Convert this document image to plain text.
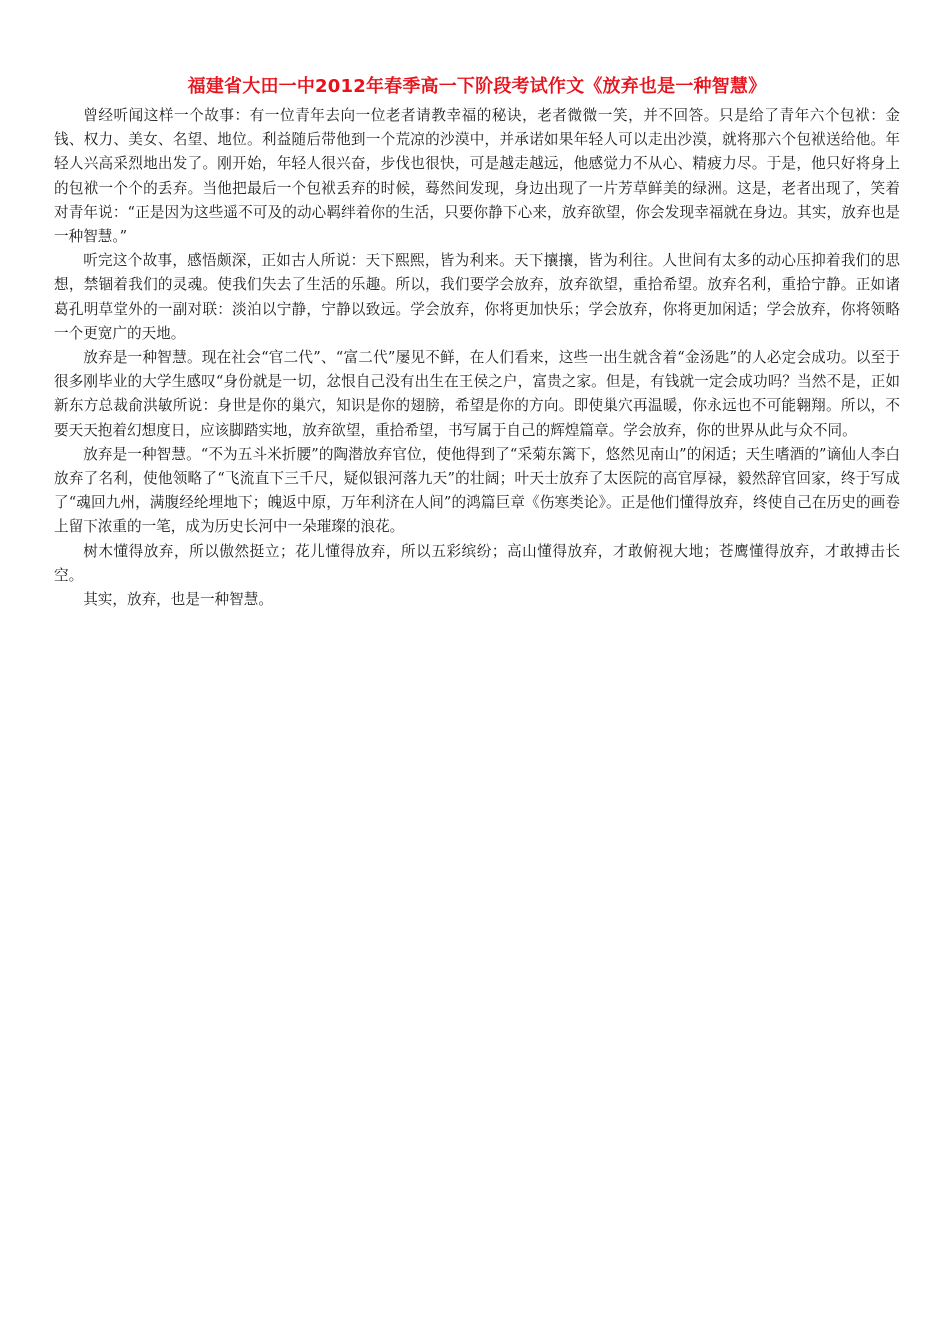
福建省大田一中2012年春季高一下阶段考试作文《放弃也是一种智慧》

曾经听闻这样一个故事：有一位青年去向一位老者请教幸福的秘诀，老者微微一笑，并不回答。只是给了青年六个包袱：金钱、权力、美女、名望、地位。利益随后带他到一个荒凉的沙漠中，并承诺如果年轻人可以走出沙漠，就将那六个包袱送给他。年轻人兴高采烈地出发了。刚开始，年轻人很兴奋，步伐也很快，可是越走越远，他感觉力不从心、精疲力尽。于是，他只好将身上的包袱一个个的丢弃。当他把最后一个包袱丢弃的时候，蓦然间发现，身边出现了一片芳草鲜美的绿洲。这是，老者出现了，笑着对青年说：“正是因为这些遥不可及的动心羁绊着你的生活，只要你静下心来，放弃欲望，你会发现幸福就在身边。其实，放弃也是一种智慧。”

听完这个故事，感悟颇深，正如古人所说：天下熙熙，皆为利来。天下攘攘，皆为利往。人世间有太多的动心压抑着我们的思想，禁锢着我们的灵魂。使我们失去了生活的乐趣。所以，我们要学会放弃，放弃欲望，重拾希望。放弃名利，重拾宁静。正如诸葛孔明草堂外的一副对联：淡泊以宁静，宁静以致远。学会放弃，你将更加快乐；学会放弃，你将更加闲适；学会放弃，你将领略一个更宽广的天地。

放弃是一种智慧。现在社会“官二代”、“富二代”屡见不鲜，在人们看来，这些一出生就含着“金汤匙”的人必定会成功。以至于很多刚毕业的大学生感叹“身份就是一切，忿恨自己没有出生在王侯之户，富贵之家。但是，有钱就一定会成功吗？当然不是，正如新东方总裁俞洪敏所说：身世是你的巢穴，知识是你的翅膀，希望是你的方向。即使巢穴再温暖，你永远也不可能翱翔。所以，不要天天抱着幻想度日，应该脚踏实地，放弃欲望，重拾希望，书写属于自己的辉煌篇章。学会放弃，你的世界从此与众不同。

放弃是一种智慧。“不为五斗米折腰”的陶潜放弃官位，使他得到了“采菊东篱下，悠然见南山”的闲适；天生嗜酒的”谪仙人李白放弃了名利，使他领略了“飞流直下三千尺，疑似银河落九天”的壮阔；叶天士放弃了太医院的高官厚禄，毅然辞官回家，终于写成了“魂回九州，满腹经纶埋地下；魄返中原，万年利济在人间”的鸿篇巨章《伤寒类论》。正是他们懂得放弃，终使自己在历史的画卷上留下浓重的一笔，成为历史长河中一朵璀璨的浪花。

树木懂得放弃，所以傲然挺立；花儿懂得放弃，所以五彩缤纷；高山懂得放弃，才敢俯视大地；苍鹰懂得放弃，才敢搏击长空。

其实，放弃，也是一种智慧。
